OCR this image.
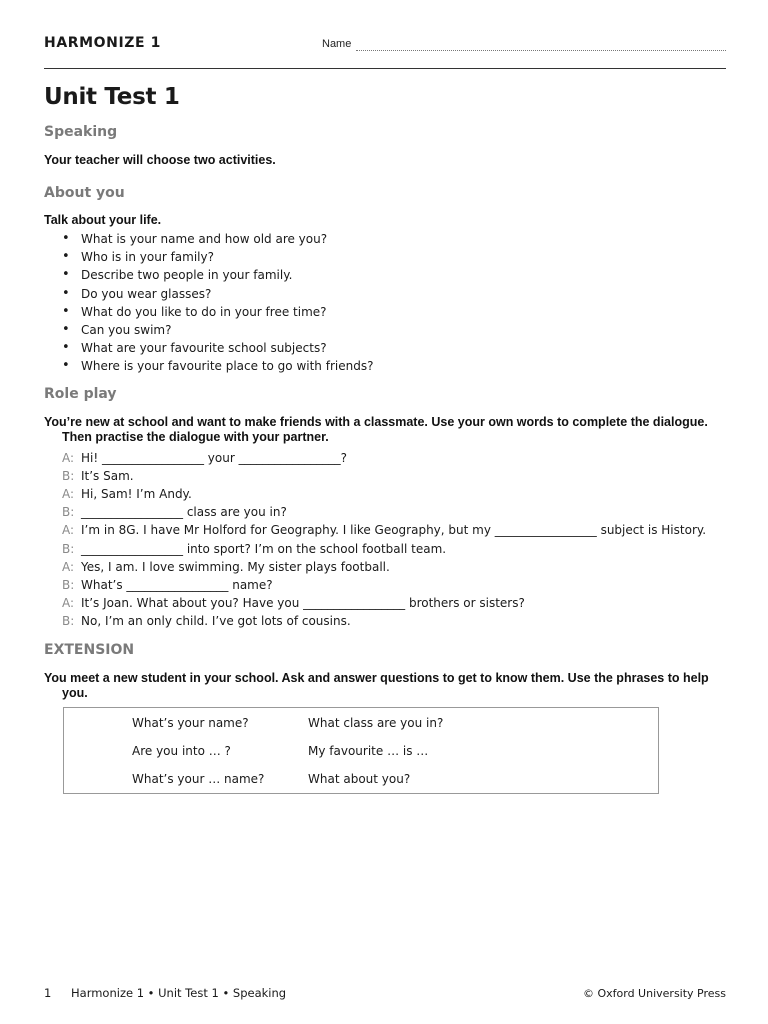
HARMONIZE 1	Name
Unit Test 1
Speaking
Your teacher will choose two activities.
About you
Talk about your life.
• What is your name and how old are you?
• Who is in your family?
• Describe two people in your family.
• Do you wear glasses?
• What do you like to do in your free time?
• Can you swim?
• What are your favourite school subjects?
• Where is your favourite place to go with friends?
Role play
You’re new at school and want to make friends with a classmate. Use your own words to complete the dialogue. Then practise the dialogue with your partner.
A: Hi! _________________ your _________________?
B: It’s Sam.
A: Hi, Sam! I’m Andy.
B: _________________ class are you in?
A: I’m in 8G. I have Mr Holford for Geography. I like Geography, but my _________________ subject is History.
B: _________________ into sport? I’m on the school football team.
A: Yes, I am. I love swimming. My sister plays football.
B: What’s _________________ name?
A: It’s Joan. What about you? Have you _________________ brothers or sisters?
B: No, I’m an only child. I’ve got lots of cousins.
EXTENSION
You meet a new student in your school. Ask and answer questions to get to know them. Use the phrases to help you.
What’s your name?	What class are you in?
Are you into … ?	My favourite … is …
What’s your … name?	What about you?
1 Harmonize 1 • Unit Test 1 • Speaking	© Oxford University Press
